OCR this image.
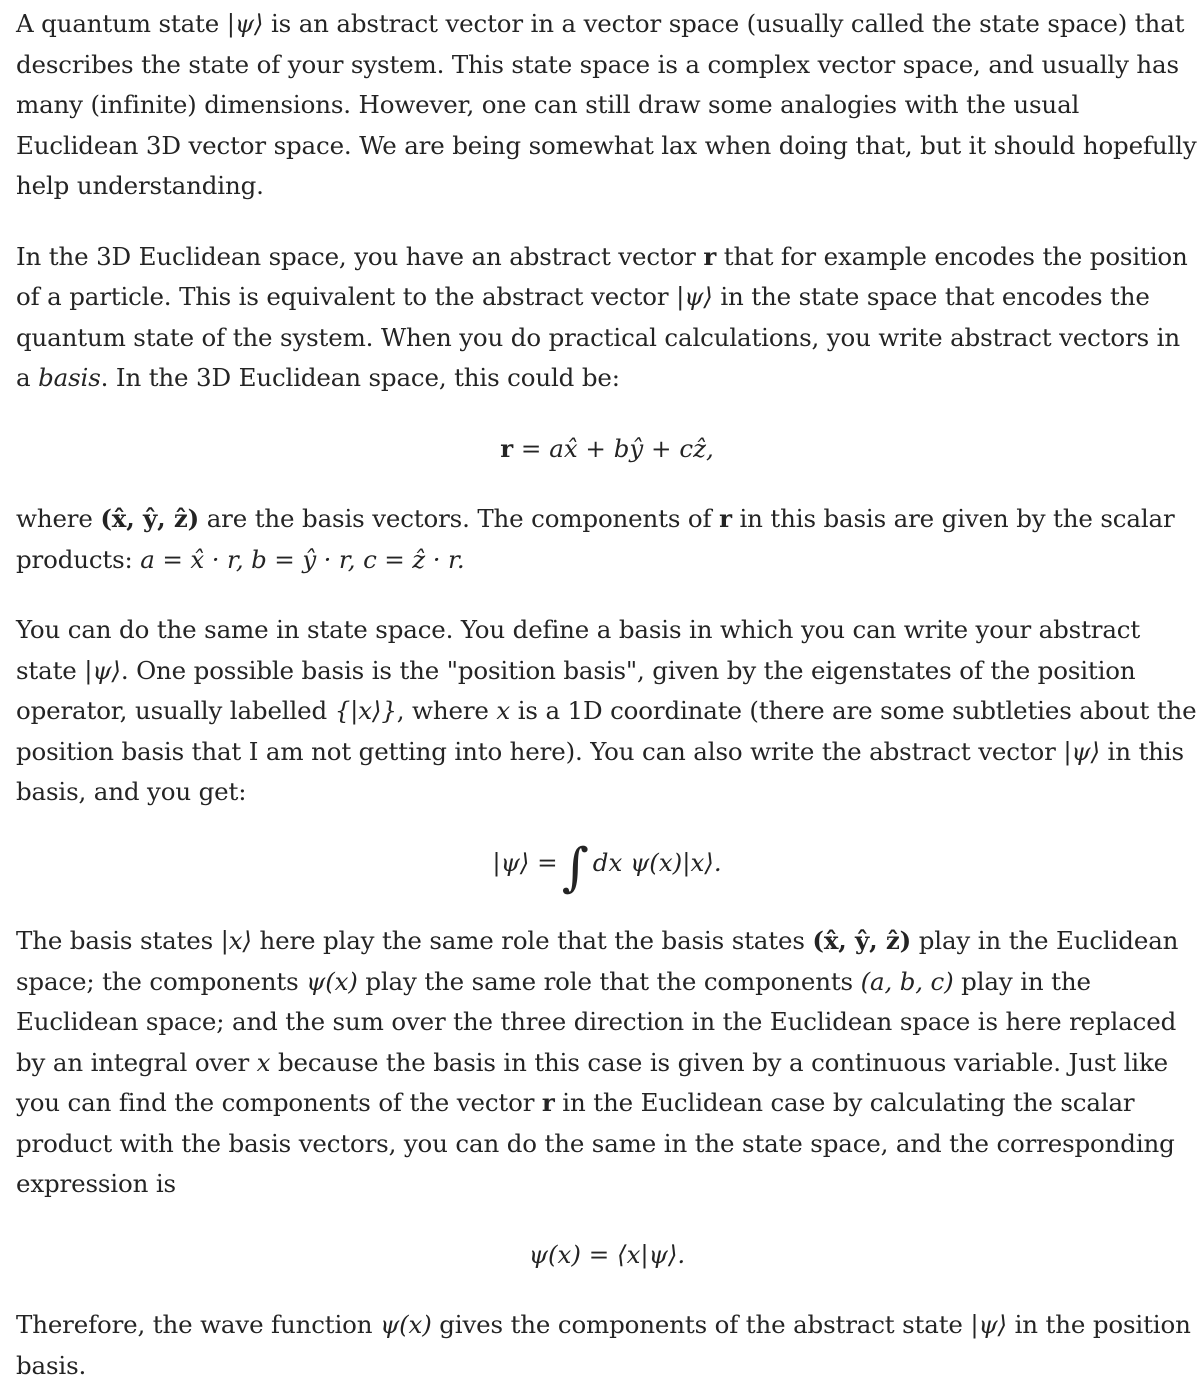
A quantum state |ψ⟩ is an abstract vector in a vector space (usually called the state space) that describes the state of your system. This state space is a complex vector space, and usually has many (infinite) dimensions. However, one can still draw some analogies with the usual Euclidean 3D vector space. We are being somewhat lax when doing that, but it should hopefully help understanding.

In the 3D Euclidean space, you have an abstract vector r that for example encodes the position of a particle. This is equivalent to the abstract vector |ψ⟩ in the state space that encodes the quantum state of the system. When you do practical calculations, you write abstract vectors in a basis. In the 3D Euclidean space, this could be:

r = ax̂ + bŷ + cẑ,

where (x̂, ŷ, ẑ) are the basis vectors. The components of r in this basis are given by the scalar products: a = x̂ · r, b = ŷ · r, c = ẑ · r.

You can do the same in state space. You define a basis in which you can write your abstract state |ψ⟩. One possible basis is the "position basis", given by the eigenstates of the position operator, usually labelled {|x⟩}, where x is a 1D coordinate (there are some subtleties about the position basis that I am not getting into here). You can also write the abstract vector |ψ⟩ in this basis, and you get:

|ψ⟩ =∫ dx ψ(x)|x⟩.

The basis states |x⟩ here play the same role that the basis states (x̂, ŷ, ẑ) play in the Euclidean space; the components ψ(x) play the same role that the components (a, b, c) play in the Euclidean space; and the sum over the three direction in the Euclidean space is here replaced by an integral over x because the basis in this case is given by a continuous variable. Just like you can find the components of the vector r in the Euclidean case by calculating the scalar product with the basis vectors, you can do the same in the state space, and the corresponding expression is

ψ(x) = ⟨x|ψ⟩.

Therefore, the wave function ψ(x) gives the components of the abstract state |ψ⟩ in the position basis.
